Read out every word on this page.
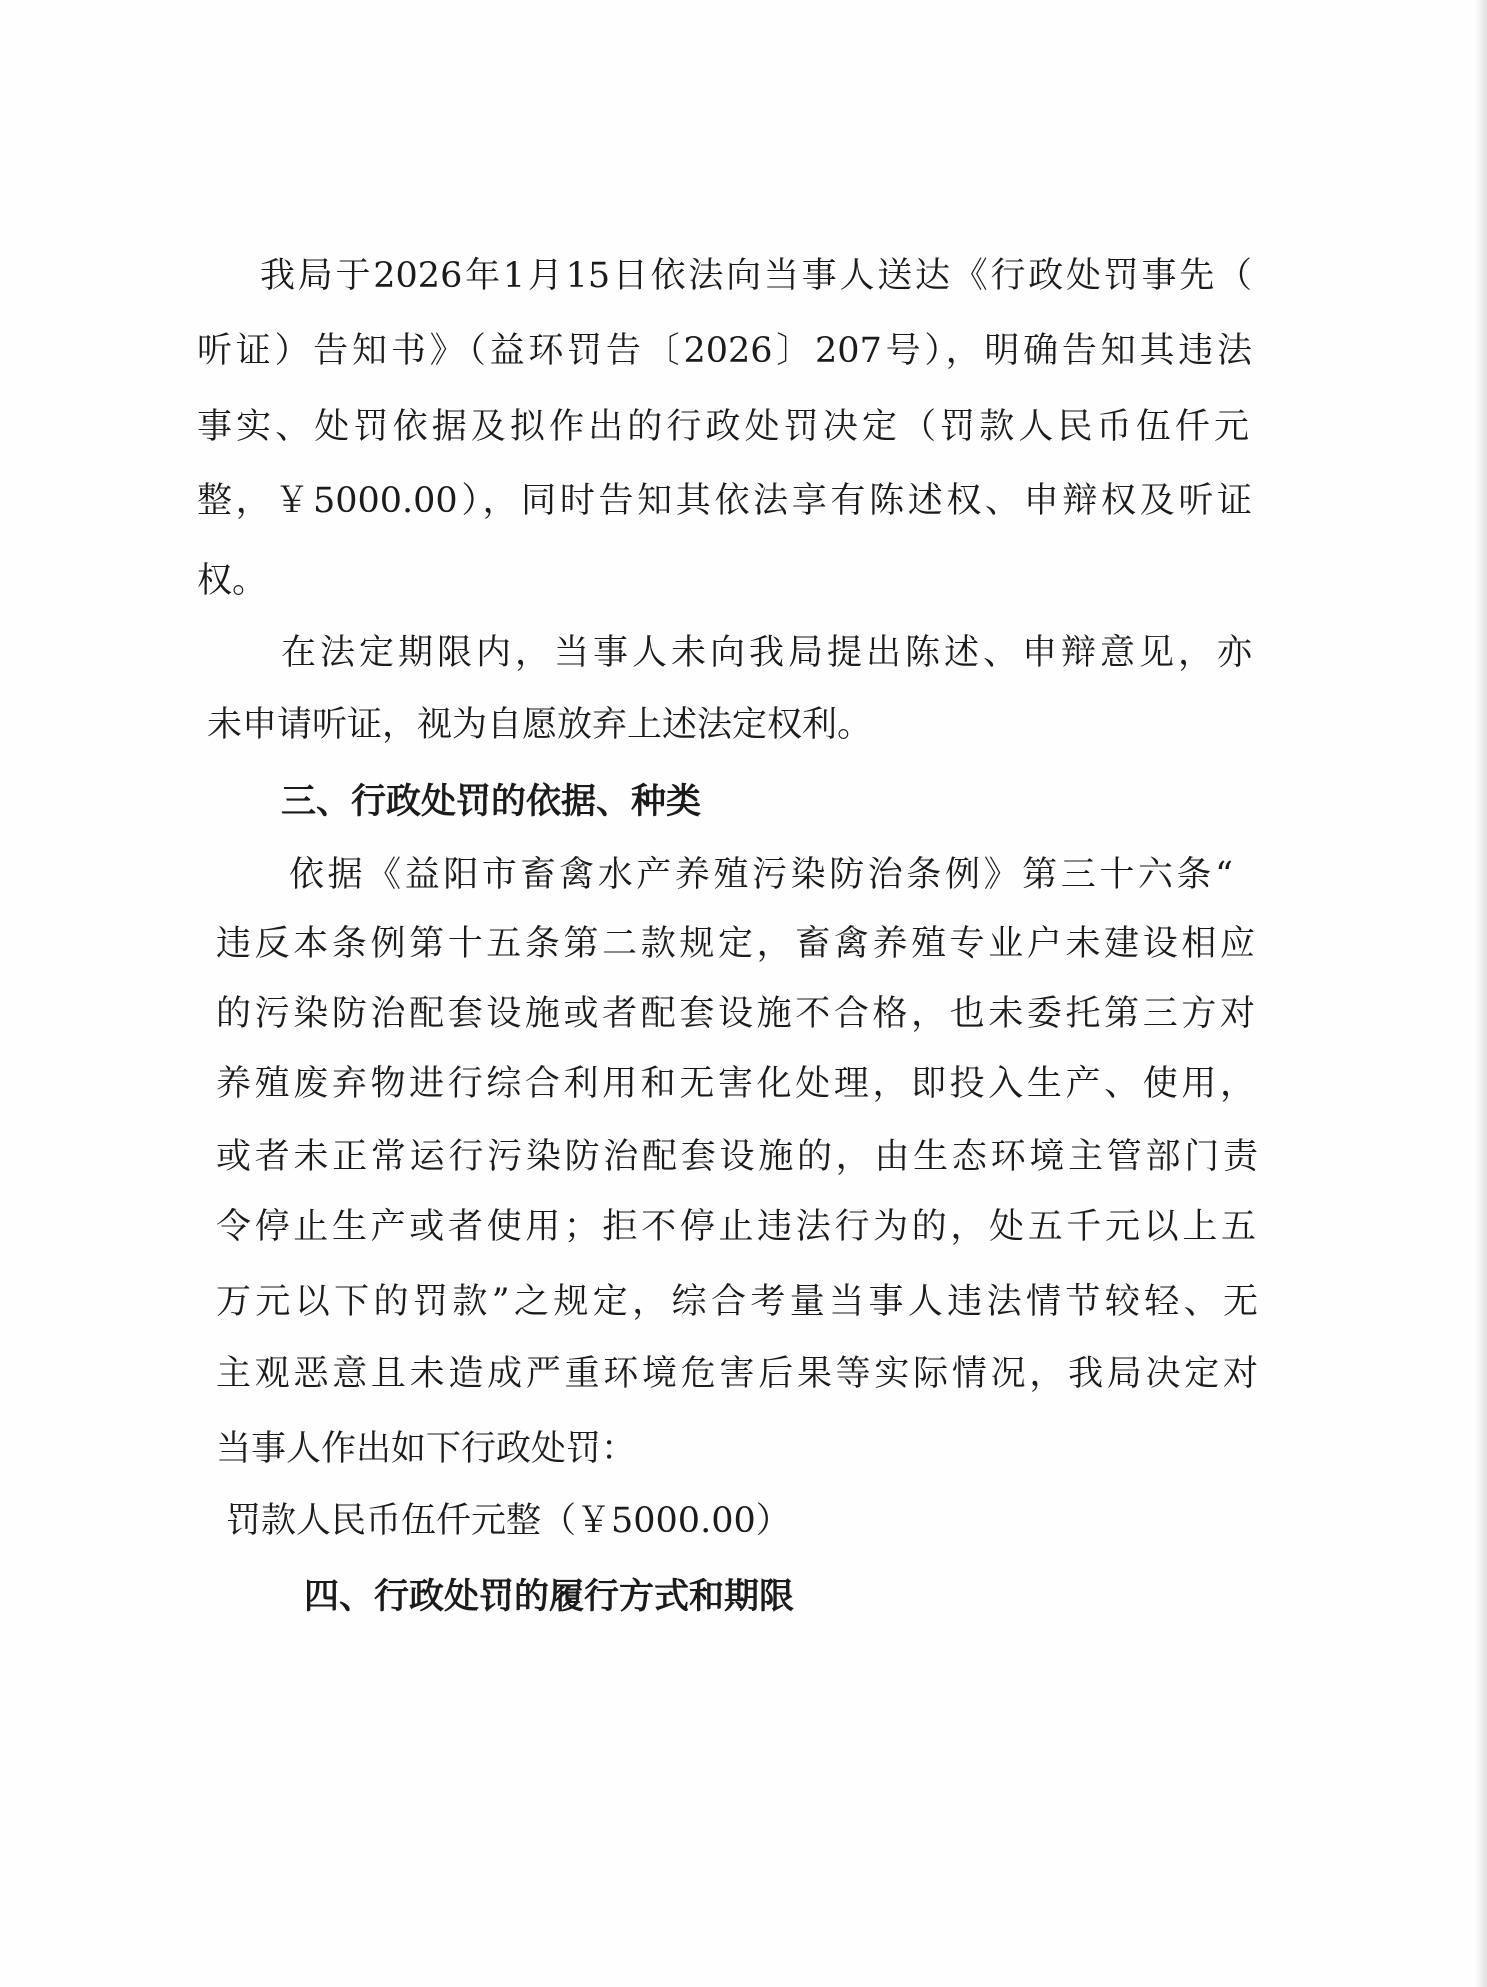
我局于2026年1月15日依法向当事人送达《行政处罚事先（
听证）告知书》（益环罚告〔2026〕207号），明确告知其违法
事实、处罚依据及拟作出的行政处罚决定（罚款人民币伍仟元
整，￥5000.00），同时告知其依法享有陈述权、申辩权及听证
权。
在法定期限内，当事人未向我局提出陈述、申辩意见，亦
未申请听证，视为自愿放弃上述法定权利。
三、行政处罚的依据、种类
依据《益阳市畜禽水产养殖污染防治条例》第三十六条“
违反本条例第十五条第二款规定，畜禽养殖专业户未建设相应
的污染防治配套设施或者配套设施不合格，也未委托第三方对
养殖废弃物进行综合利用和无害化处理，即投入生产、使用，
或者未正常运行污染防治配套设施的，由生态环境主管部门责
令停止生产或者使用；拒不停止违法行为的，处五千元以上五
万元以下的罚款”之规定，综合考量当事人违法情节较轻、无
主观恶意且未造成严重环境危害后果等实际情况，我局决定对
当事人作出如下行政处罚：
罚款人民币伍仟元整（￥5000.00）
四、行政处罚的履行方式和期限
